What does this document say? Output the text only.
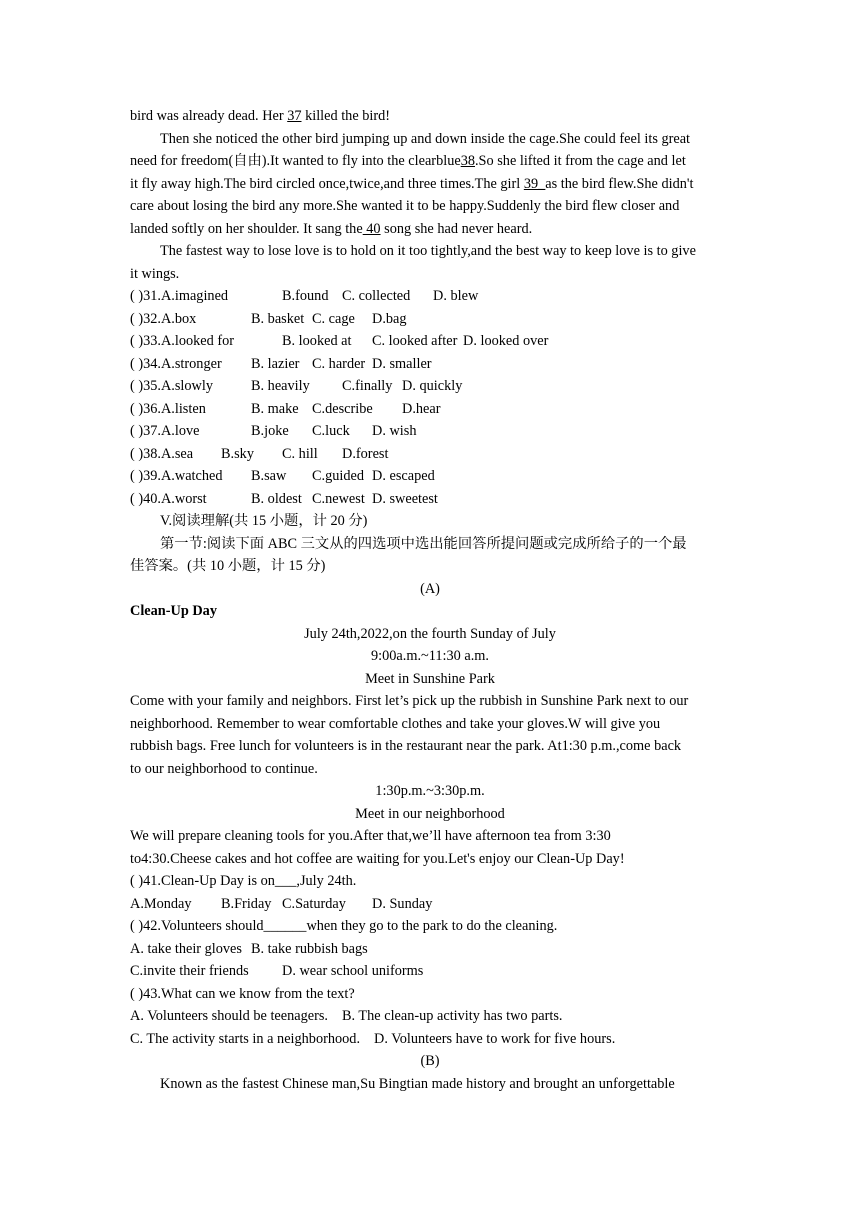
bird was already dead. Her 37 killed the bird!
Then she noticed the other bird jumping up and down inside the cage.She could feel its great
need for freedom(自由).It wanted to fly into the clearblue38.So she lifted it from the cage and let
it fly away high.The bird circled once,twice,and three times.The girl 39_as the bird flew.She didn't
care about losing the bird any more.She wanted it to be happy.Suddenly the bird flew closer and
landed softly on her shoulder. It sang the 40 song she had never heard.
The fastest way to lose love is to hold on it too tightly,and the best way to keep love is to give
it wings.
( )31.A.imagined	B.found C. collected D. blew
( )32.A.box	B. basket C. cage D.bag
( )33.A.looked for	B. looked at C. looked after D. looked over
( )34.A.stronger B. lazier C. harder D. smaller
( )35.A.slowly	B. heavily C.finally D. quickly
( )36.A.listen	B. make C.describe D.hear
( )37.A.love	B.joke C.luck D. wish
( )38.A.sea B.sky C. hill D.forest
( )39.A.watched B.saw C.guided D. escaped
( )40.A.worst	B. oldest C.newest D. sweetest
V.阅读理解(共 15 小题，计 20 分)
第一节:阅读下面 ABC 三文从的四选项中选出能回答所提问题或完成所给子的一个最
佳答案。(共 10 小题，计 15 分)
(A)
Clean-Up Day
July 24th,2022,on the fourth Sunday of July
9:00a.m.~11:30 a.m.
Meet in Sunshine Park
Come with your family and neighbors. First let’s pick up the rubbish in Sunshine Park next to our
neighborhood. Remember to wear comfortable clothes and take your gloves.W will give you
rubbish bags. Free lunch for volunteers is in the restaurant near the park. At1:30 p.m.,come back
to our neighborhood to continue.
1:30p.m.~3:30p.m.
Meet in our neighborhood
We will prepare cleaning tools for you.After that,we’ll have afternoon tea from 3:30
to4:30.Cheese cakes and hot coffee are waiting for you.Let's enjoy our Clean-Up Day!
( )41.Clean-Up Day is on___,July 24th.
A.Monday B.Friday C.Saturday D. Sunday
( )42.Volunteers should______when they go to the park to do the cleaning.
A. take their gloves B. take rubbish bags
C.invite their friends D. wear school uniforms
( )43.What can we know from the text?
A. Volunteers should be teenagers. B. The clean-up activity has two parts.
C. The activity starts in a neighborhood. D. Volunteers have to work for five hours.
(B)
Known as the fastest Chinese man,Su Bingtian made history and brought an unforgettable
